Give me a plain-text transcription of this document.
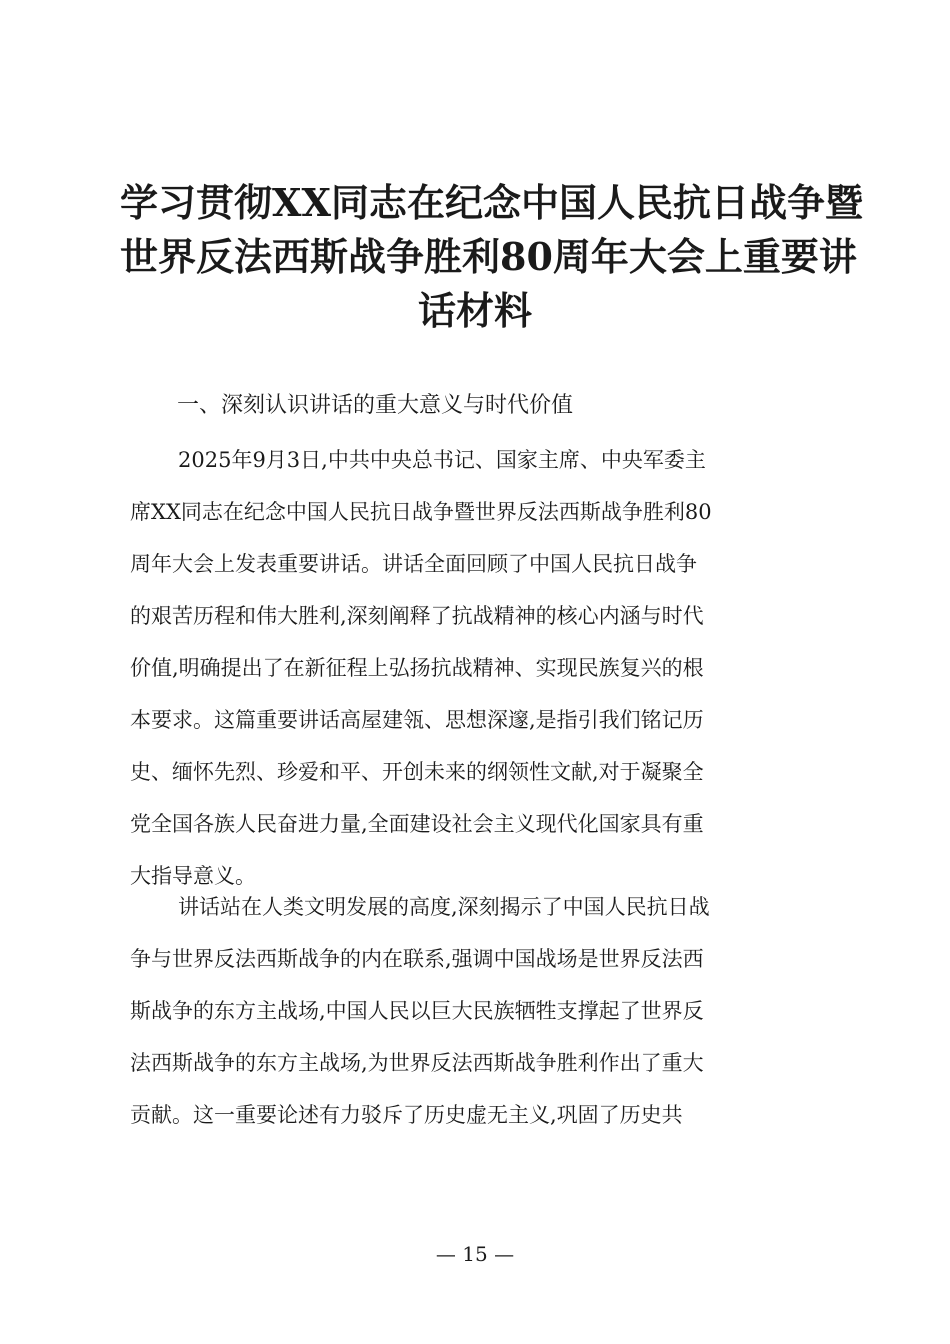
学习贯彻XX同志在纪念中国人民抗日战争暨
世界反法西斯战争胜利80周年大会上重要讲
话材料
一、深刻认识讲话的重大意义与时代价值

2025年9月3日,中共中央总书记、国家主席、中央军委主
席XX同志在纪念中国人民抗日战争暨世界反法西斯战争胜利80
周年大会上发表重要讲话。讲话全面回顾了中国人民抗日战争
的艰苦历程和伟大胜利,深刻阐释了抗战精神的核心内涵与时代
价值,明确提出了在新征程上弘扬抗战精神、实现民族复兴的根
本要求。这篇重要讲话高屋建瓴、思想深邃,是指引我们铭记历
史、缅怀先烈、珍爱和平、开创未来的纲领性文献,对于凝聚全
党全国各族人民奋进力量,全面建设社会主义现代化国家具有重
大指导意义。

讲话站在人类文明发展的高度,深刻揭示了中国人民抗日战
争与世界反法西斯战争的内在联系,强调中国战场是世界反法西
斯战争的东方主战场,中国人民以巨大民族牺牲支撑起了世界反
法西斯战争的东方主战场,为世界反法西斯战争胜利作出了重大
贡献。这一重要论述有力驳斥了历史虚无主义,巩固了历史共

— 15 —
